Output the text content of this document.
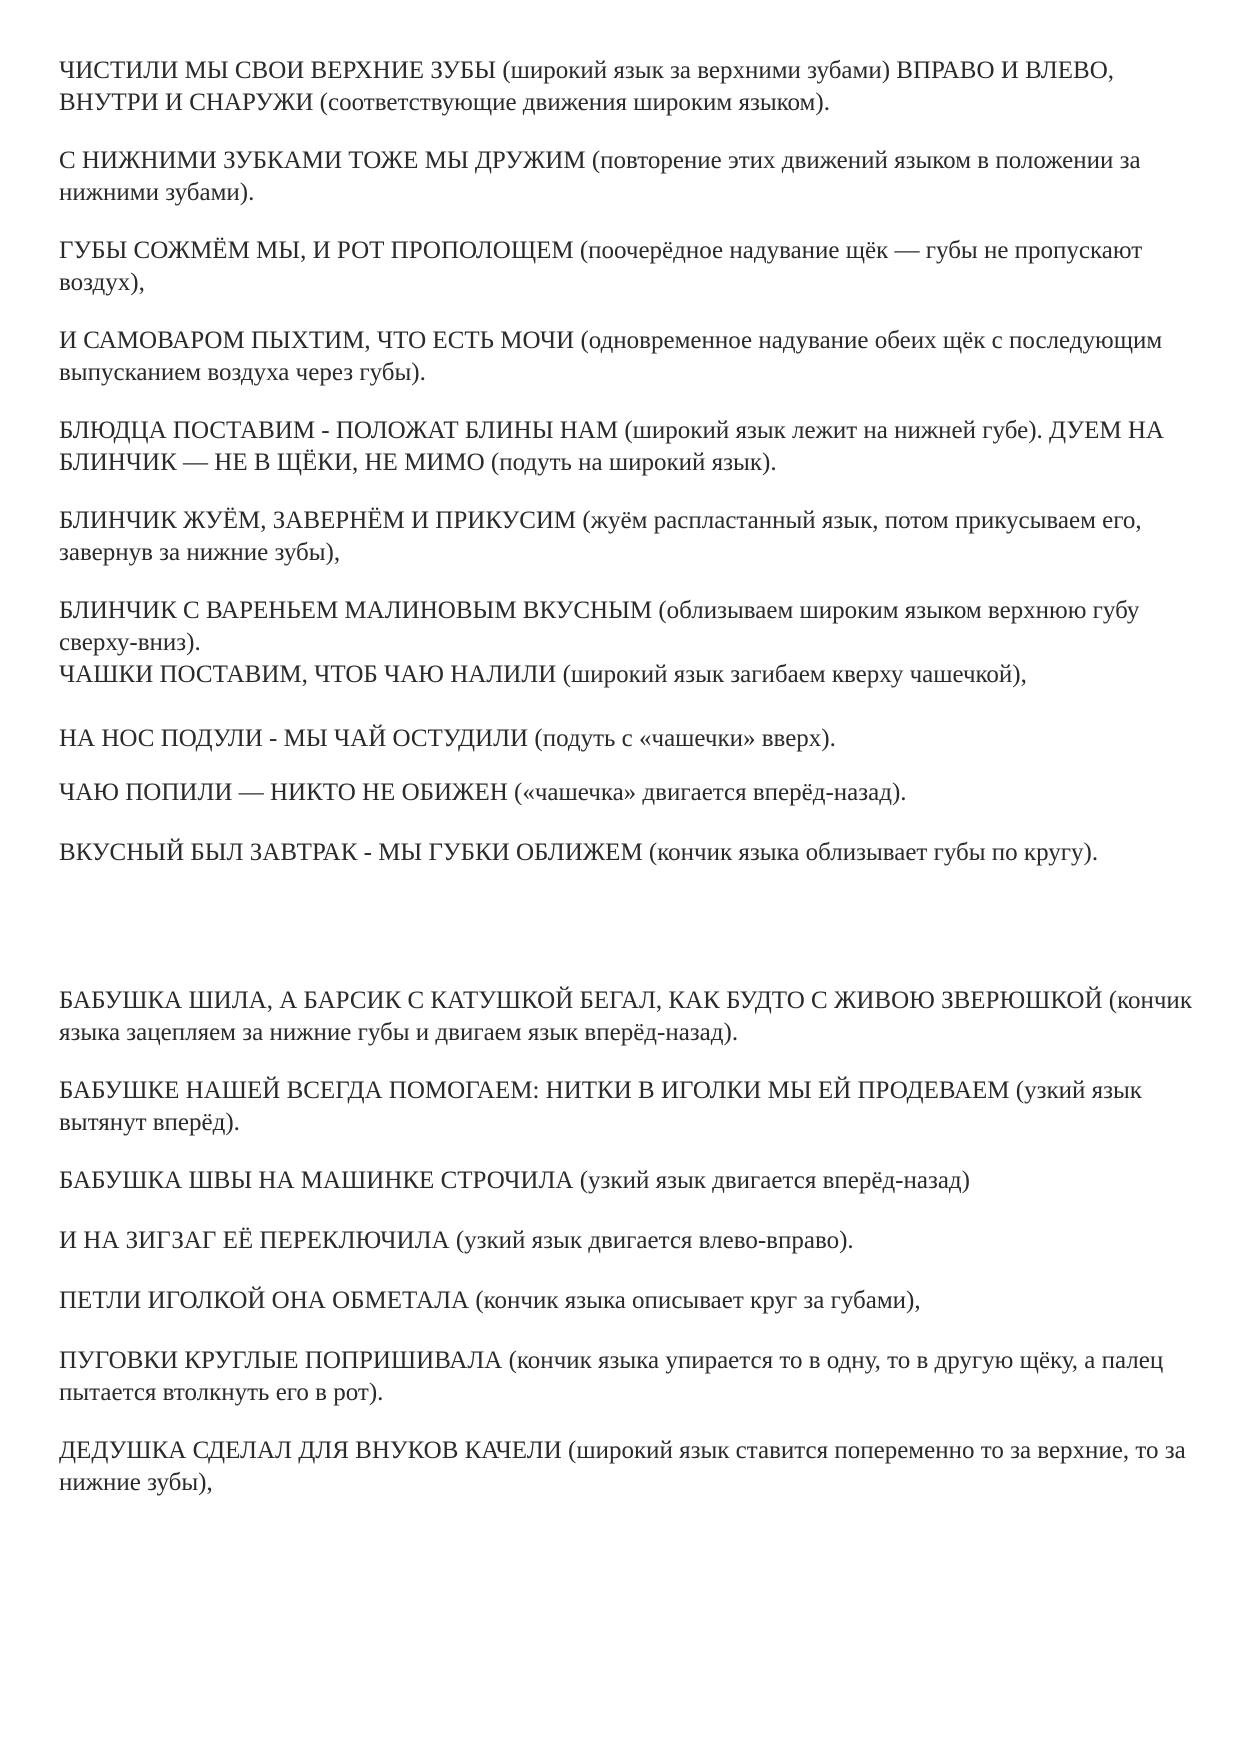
ЧИСТИЛИ МЫ СВОИ ВЕРХНИЕ ЗУБЫ (широкий язык за верхними зубами) ВПРАВО И ВЛЕВО, ВНУТРИ И СНАРУЖИ (соответствующие движения широким языком).

С НИЖНИМИ ЗУБКАМИ ТОЖЕ МЫ ДРУЖИМ (повторение этих движений языком в положении за нижними зубами).

ГУБЫ СОЖМЁМ МЫ, И РОТ ПРОПОЛОЩЕМ (поочерёдное надувание щёк — губы не пропускают воздух),

И САМОВАРОМ ПЫХТИМ, ЧТО ЕСТЬ МОЧИ (одновременное надувание обеих щёк с последующим выпусканием воздуха через губы).

БЛЮДЦА ПОСТАВИМ - ПОЛОЖАТ БЛИНЫ НАМ (широкий язык лежит на нижней губе). ДУЕМ НА БЛИНЧИК — НЕ В ЩЁКИ, НЕ МИМО (подуть на широкий язык).

БЛИНЧИК ЖУЁМ, ЗАВЕРНЁМ И ПРИКУСИМ (жуём распластанный язык, потом прикусываем его, завернув за нижние зубы),

БЛИНЧИК С ВАРЕНЬЕМ МАЛИНОВЫМ ВКУСНЫМ (облизываем широким языком верхнюю губу сверху-вниз).

ЧАШКИ ПОСТАВИМ, ЧТОБ ЧАЮ НАЛИЛИ (широкий язык загибаем кверху чашечкой),

НА НОС ПОДУЛИ - МЫ ЧАЙ ОСТУДИЛИ (подуть с «чашечки» вверх).

ЧАЮ ПОПИЛИ — НИКТО НЕ ОБИЖЕН («чашечка» двигается вперёд-назад).

ВКУСНЫЙ БЫЛ ЗАВТРАК - МЫ ГУБКИ ОБЛИЖЕМ (кончик языка облизывает губы по кругу).

БАБУШКА ШИЛА, А БАРСИК С КАТУШКОЙ БЕГАЛ, КАК БУДТО С ЖИВОЮ ЗВЕРЮШКОЙ (кончик языка зацепляем за нижние губы и двигаем язык вперёд-назад).

БАБУШКЕ НАШЕЙ ВСЕГДА ПОМОГАЕМ: НИТКИ В ИГОЛКИ МЫ ЕЙ ПРОДЕВАЕМ (узкий язык вытянут вперёд).

БАБУШКА ШВЫ НА МАШИНКЕ СТРОЧИЛА (узкий язык двигается вперёд-назад)

И НА ЗИГЗАГ ЕЁ ПЕРЕКЛЮЧИЛА (узкий язык двигается влево-вправо).

ПЕТЛИ ИГОЛКОЙ ОНА ОБМЕТАЛА (кончик языка описывает круг за губами),

ПУГОВКИ КРУГЛЫЕ ПОПРИШИВАЛА (кончик языка упирается то в одну, то в другую щёку, а палец пытается втолкнуть его в рот).

ДЕДУШКА СДЕЛАЛ ДЛЯ ВНУКОВ КАЧЕЛИ (широкий язык ставится попеременно то за верхние, то за нижние зубы),
